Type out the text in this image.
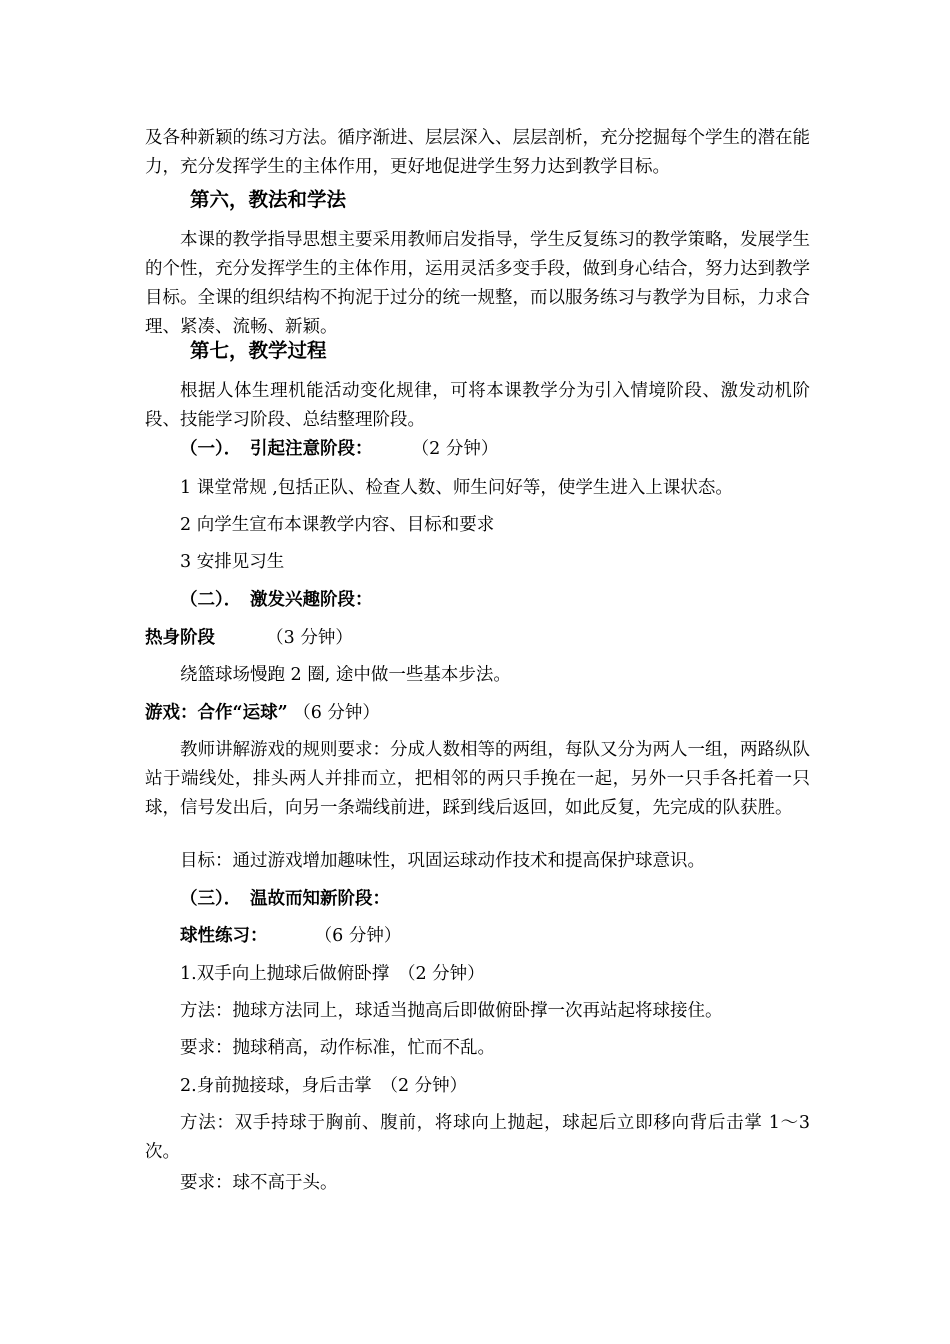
及各种新颖的练习方法。循序渐进、层层深入、层层剖析，充分挖掘每个学生的潜在能力，充分发挥学生的主体作用，更好地促进学生努力达到教学目标。
第六，教法和学法
本课的教学指导思想主要采用教师启发指导，学生反复练习的教学策略，发展学生的个性，充分发挥学生的主体作用，运用灵活多变手段，做到身心结合，努力达到教学目标。全课的组织结构不拘泥于过分的统一规整，而以服务练习与教学为目标，力求合理、紧凑、流畅、新颖。
第七，教学过程
根据人体生理机能活动变化规律，可将本课教学分为引入情境阶段、激发动机阶段、技能学习阶段、总结整理阶段。
（一）．　引起注意阶段： （2 分钟）
1 课堂常规 ,包括正队、检查人数、师生问好等，使学生进入上课状态。
2 向学生宣布本课教学内容、目标和要求
3 安排见习生
（二）．　激发兴趣阶段：
热身阶段	（3 分钟）
绕篮球场慢跑 2 圈, 途中做一些基本步法。
游戏：合作“运球” （6 分钟）
教师讲解游戏的规则要求：分成人数相等的两组，每队又分为两人一组，两路纵队站于端线处，排头两人并排而立，把相邻的两只手挽在一起，另外一只手各托着一只球，信号发出后，向另一条端线前进，踩到线后返回，如此反复，先完成的队获胜。
目标：通过游戏增加趣味性，巩固运球动作技术和提高保护球意识。
（三）．　温故而知新阶段：
球性练习：	（6 分钟）
1.双手向上抛球后做俯卧撑　（2 分钟）
方法：抛球方法同上，球适当抛高后即做俯卧撑一次再站起将球接住。
要求：抛球稍高，动作标准，忙而不乱。
2.身前抛接球，身后击掌　（2 分钟）
方法：双手持球于胸前、腹前，将球向上抛起，球起后立即移向背后击掌 1～3 次。
要求：球不高于头。
